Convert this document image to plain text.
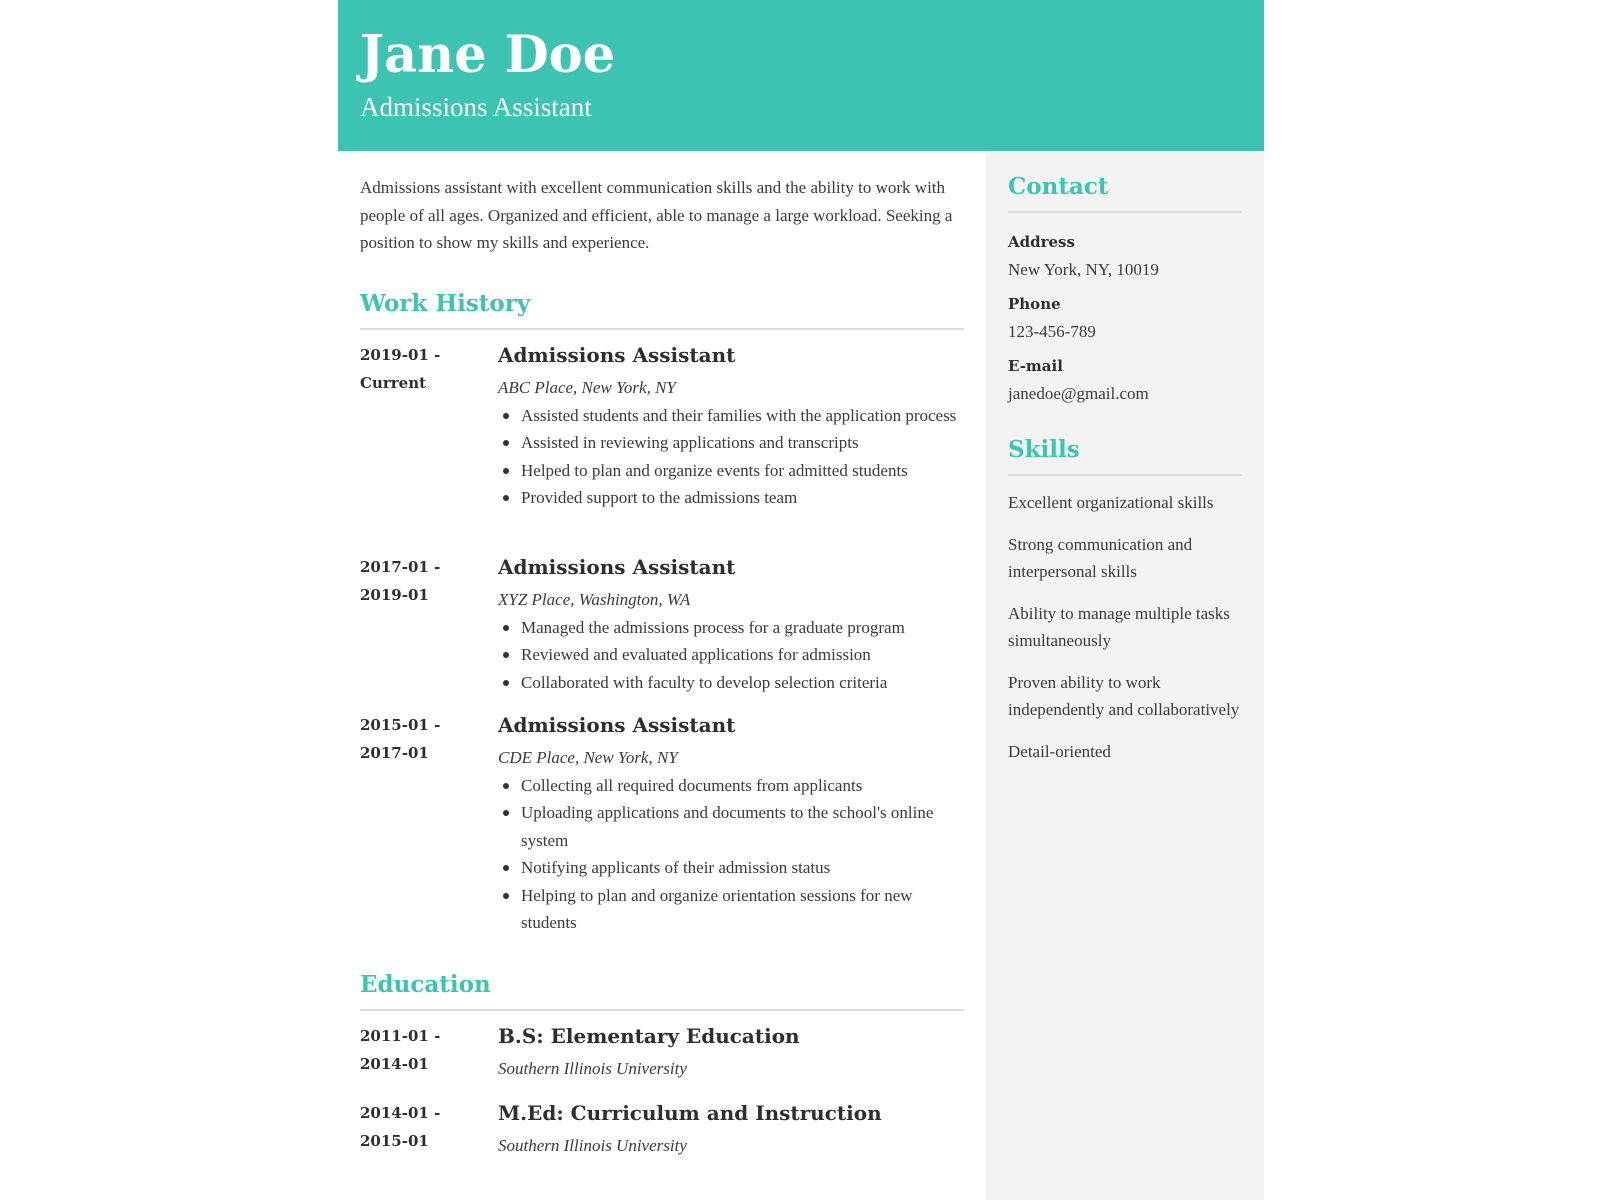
Jane Doe
Admissions Assistant

Admissions assistant with excellent communication skills and the ability to work with people of all ages. Organized and efficient, able to manage a large workload. Seeking a position to show my skills and experience.

Work History
2019-01 -
Current
Admissions Assistant
ABC Place, New York, NY
Assisted students and their families with the application process
Assisted in reviewing applications and transcripts
Helped to plan and organize events for admitted students
Provided support to the admissions team
2017-01 -
2019-01
Admissions Assistant
XYZ Place, Washington, WA
Managed the admissions process for a graduate program
Reviewed and evaluated applications for admission
Collaborated with faculty to develop selection criteria
2015-01 -
2017-01
Admissions Assistant
CDE Place, New York, NY
Collecting all required documents from applicants
Uploading applications and documents to the school's online system
Notifying applicants of their admission status
Helping to plan and organize orientation sessions for new students
Education
2011-01 -
2014-01
B.S: Elementary Education
Southern Illinois University
2014-01 -
2015-01
M.Ed: Curriculum and Instruction
Southern Illinois University
Contact
Address
New York, NY, 10019
Phone
123-456-789
E-mail
janedoe@gmail.com
Skills
Excellent organizational skills
Strong communication and interpersonal skills
Ability to manage multiple tasks simultaneously
Proven ability to work independently and collaboratively
Detail-oriented
